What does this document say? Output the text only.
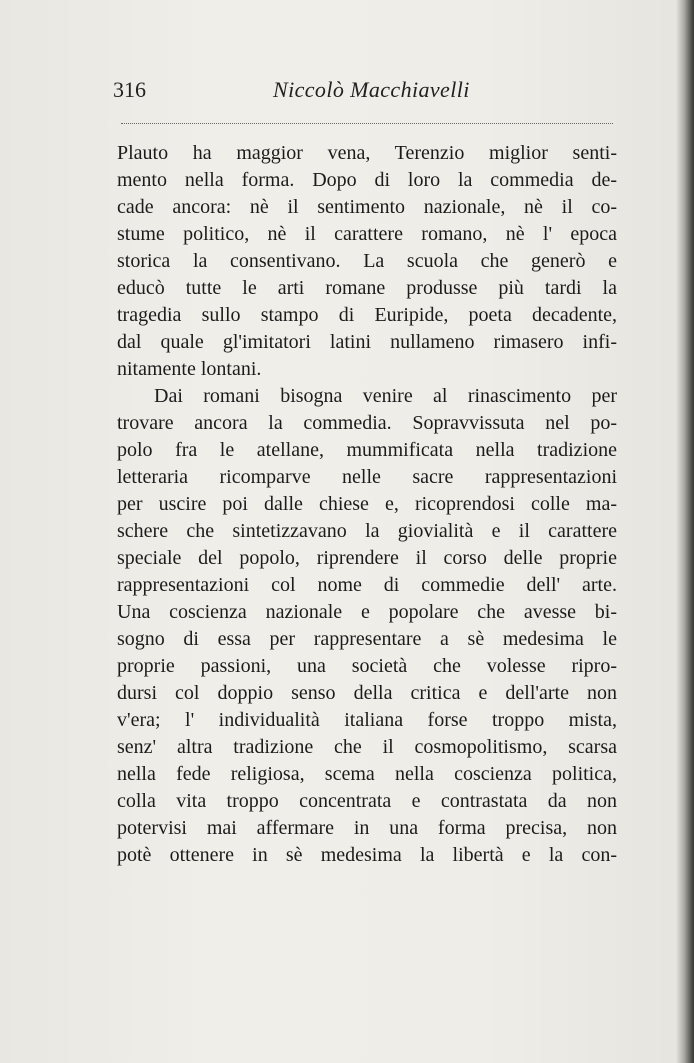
316	Niccolò Macchiavelli
Plauto ha maggior vena, Terenzio miglior senti-
mento nella forma. Dopo di loro la commedia de-
cade ancora: nè il sentimento nazionale, nè il co-
stume politico, nè il carattere romano, nè l' epoca
storica la consentivano. La scuola che generò e
educò tutte le arti romane produsse più tardi la
tragedia sullo stampo di Euripide, poeta decadente,
dal quale gl'imitatori latini nullameno rimasero infi-
nitamente lontani.
Dai romani bisogna venire al rinascimento per
trovare ancora la commedia. Sopravvissuta nel po-
polo fra le atellane, mummificata nella tradizione
letteraria ricomparve nelle sacre rappresentazioni
per uscire poi dalle chiese e, ricoprendosi colle ma-
schere che sintetizzavano la giovialità e il carattere
speciale del popolo, riprendere il corso delle proprie
rappresentazioni col nome di commedie dell' arte.
Una coscienza nazionale e popolare che avesse bi-
sogno di essa per rappresentare a sè medesima le
proprie passioni, una società che volesse ripro-
dursi col doppio senso della critica e dell'arte non
v'era; l' individualità italiana forse troppo mista,
senz' altra tradizione che il cosmopolitismo, scarsa
nella fede religiosa, scema nella coscienza politica,
colla vita troppo concentrata e contrastata da non
potervisi mai affermare in una forma precisa, non
potè ottenere in sè medesima la libertà e la con-
